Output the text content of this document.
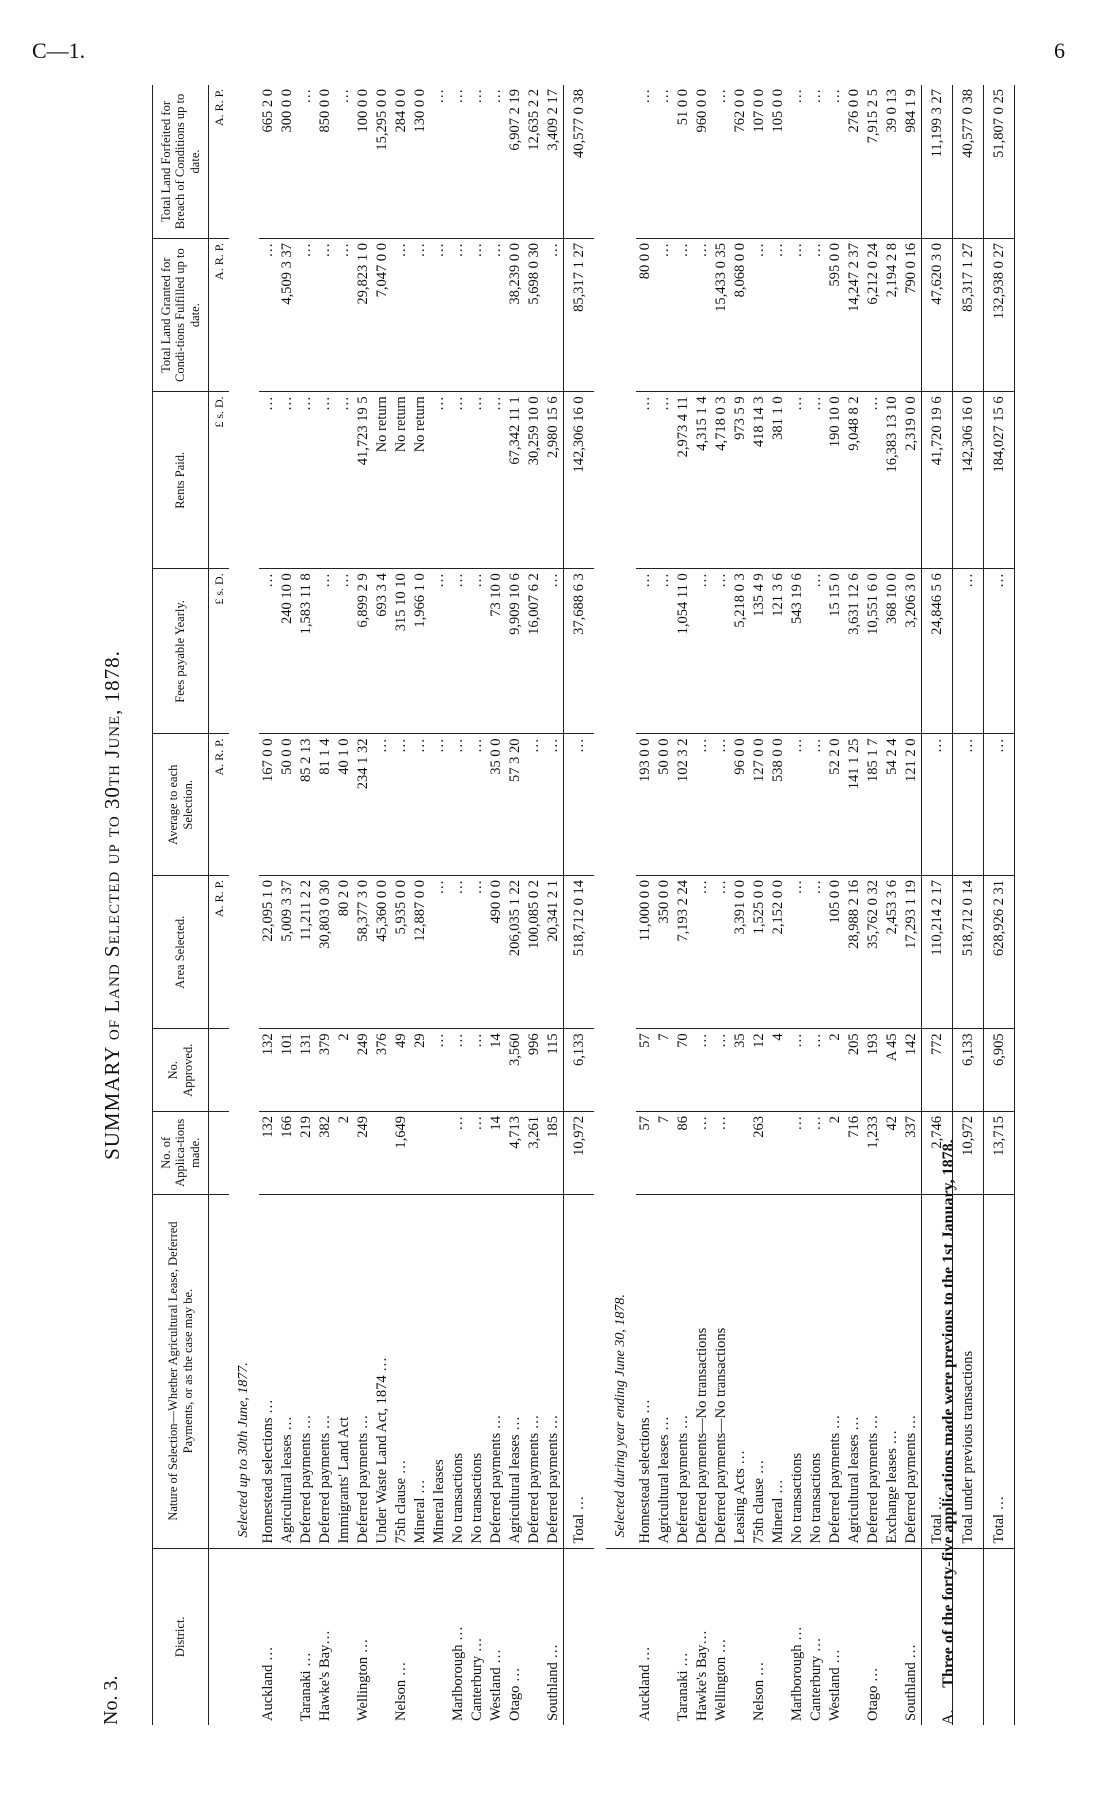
C—1.	6
No. 3.
SUMMARY of Land Selected up to 30th June, 1878.
District.	Nature of Selection—Whether Agricultural Lease, Deferred Payments, or as the case may be.	No. of Applica-tions made.	No. Approved.	Area Selected.	Average to each Selection.	Fees payable Yearly.	Rents Paid.	Total Land Granted for Condi-tions Fulfilled up to date.	Total Land Forfeited for Breach of Conditions up to date.
				A. R. P.	A. R. P.	£ s. D.	£ s. D.	A. R. P.	A. R. P.
	Selected up to 30th June, 1877.								
Auckland …	Homestead selections …	132	132	22,095 1 0	167 0 0	…	…	…	665 2 0
	Agricultural leases …	166	101	5,009 3 37	50 0 0	240 10 0	…	4,509 3 37	300 0 0
Taranaki …	Deferred payments …	219	131	11,211 2 2	85 2 13	1,583 11 8	…	…	…
Hawke's Bay…	Deferred payments …	382	379	30,803 0 30	81 1 4	…	…	…	850 0 0
	Immigrants' Land Act	2	2	80 2 0	40 1 0	…	…	…	…
Wellington …	Deferred payments …	249	249	58,377 3 0	234 1 32	6,899 2 9	41,723 19 5	29,823 1 0	100 0 0
	Under Waste Land Act, 1874 …		376	45,360 0 0	…	693 3 4	No return	7,047 0 0	15,295 0 0
Nelson …	75th clause …	1,649	49	5,935 0 0	…	315 10 10	No return	…	284 0 0
	Mineral …		29	12,887 0 0	…	1,966 1 0	No return	…	130 0 0
	Mineral leases		…	…	…	…	…	…	…
Marlborough …	No transactions	…	…	…	…	…	…	…	…
Canterbury …	No transactions	…	…	…	…	…	…	…	…
Westland …	Deferred payments …	14	14	490 0 0	35 0 0	73 10 0	…	…	…
Otago …	Agricultural leases …	4,713	3,560	206,035 1 22	57 3 20	9,909 10 6	67,342 11 1	38,239 0 0	6,907 2 19
	Deferred payments …	3,261	996	100,085 0 2	…	16,007 6 2	30,259 10 0	5,698 0 30	12,635 2 2
Southland …	Deferred payments …	185	115	20,341 2 1	…	…	2,980 15 6	…	3,409 2 17
	Total …	10,972	6,133	518,712 0 14	…	37,688 6 3	142,306 16 0	85,317 1 27	40,577 0 38

	Selected during year ending June 30, 1878.								
Auckland …	Homestead selections …	57	57	11,000 0 0	193 0 0	…	…	80 0 0	…
	Agricultural leases …	7	7	350 0 0	50 0 0	…	…	…	…
Taranaki …	Deferred payments …	86	70	7,193 2 24	102 3 2	1,054 11 0	2,973 4 11	…	51 0 0
Hawke's Bay…	Deferred payments—No transactions	…	…	…	…	…	4,315 1 4	…	960 0 0
Wellington …	Deferred payments—No transactions	…	…	…	…	…	4,718 0 3	15,433 0 35	…
	Leasing Acts …		35	3,391 0 0	96 0 0	5,218 0 3	973 5 9	8,068 0 0	762 0 0
Nelson …	75th clause …	263	12	1,525 0 0	127 0 0	135 4 9	418 14 3	…	107 0 0
	Mineral …		4	2,152 0 0	538 0 0	121 3 6	381 1 0	…	105 0 0
Marlborough …	No transactions	…	…	…	…	543 19 6	…	…	…
Canterbury …	No transactions	…	…	…	…	…	…	…	…
Westland …	Deferred payments …	2	2	105 0 0	52 2 0	15 15 0	190 10 0	595 0 0	…
	Agricultural leases …	716	205	28,988 2 16	141 1 25	3,631 12 6	9,048 8 2	14,247 2 37	276 0 0
Otago …	Deferred payments …	1,233	193	35,762 0 32	185 1 7	10,551 6 0	…	6,212 0 24	7,915 2 5
	Exchange leases …	42	A 45	2,453 3 6	54 2 4	368 10 0	16,383 13 10	2,194 2 8	39 0 13
Southland …	Deferred payments …	337	142	17,293 1 19	121 2 0	3,206 3 0	2,319 0 0	790 0 16	984 1 9
	Total …	2,746	772	110,214 2 17	…	24,846 5 6	41,720 19 6	47,620 3 0	11,199 3 27
	Total under previous transactions	10,972	6,133	518,712 0 14	…	…	142,306 16 0	85,317 1 27	40,577 0 38
	Total …	13,715	6,905	628,926 2 31	…	…	184,027 15 6	132,938 0 27	51,807 0 25
A. Three of the forty-five applications made were previous to the 1st January, 1878.
